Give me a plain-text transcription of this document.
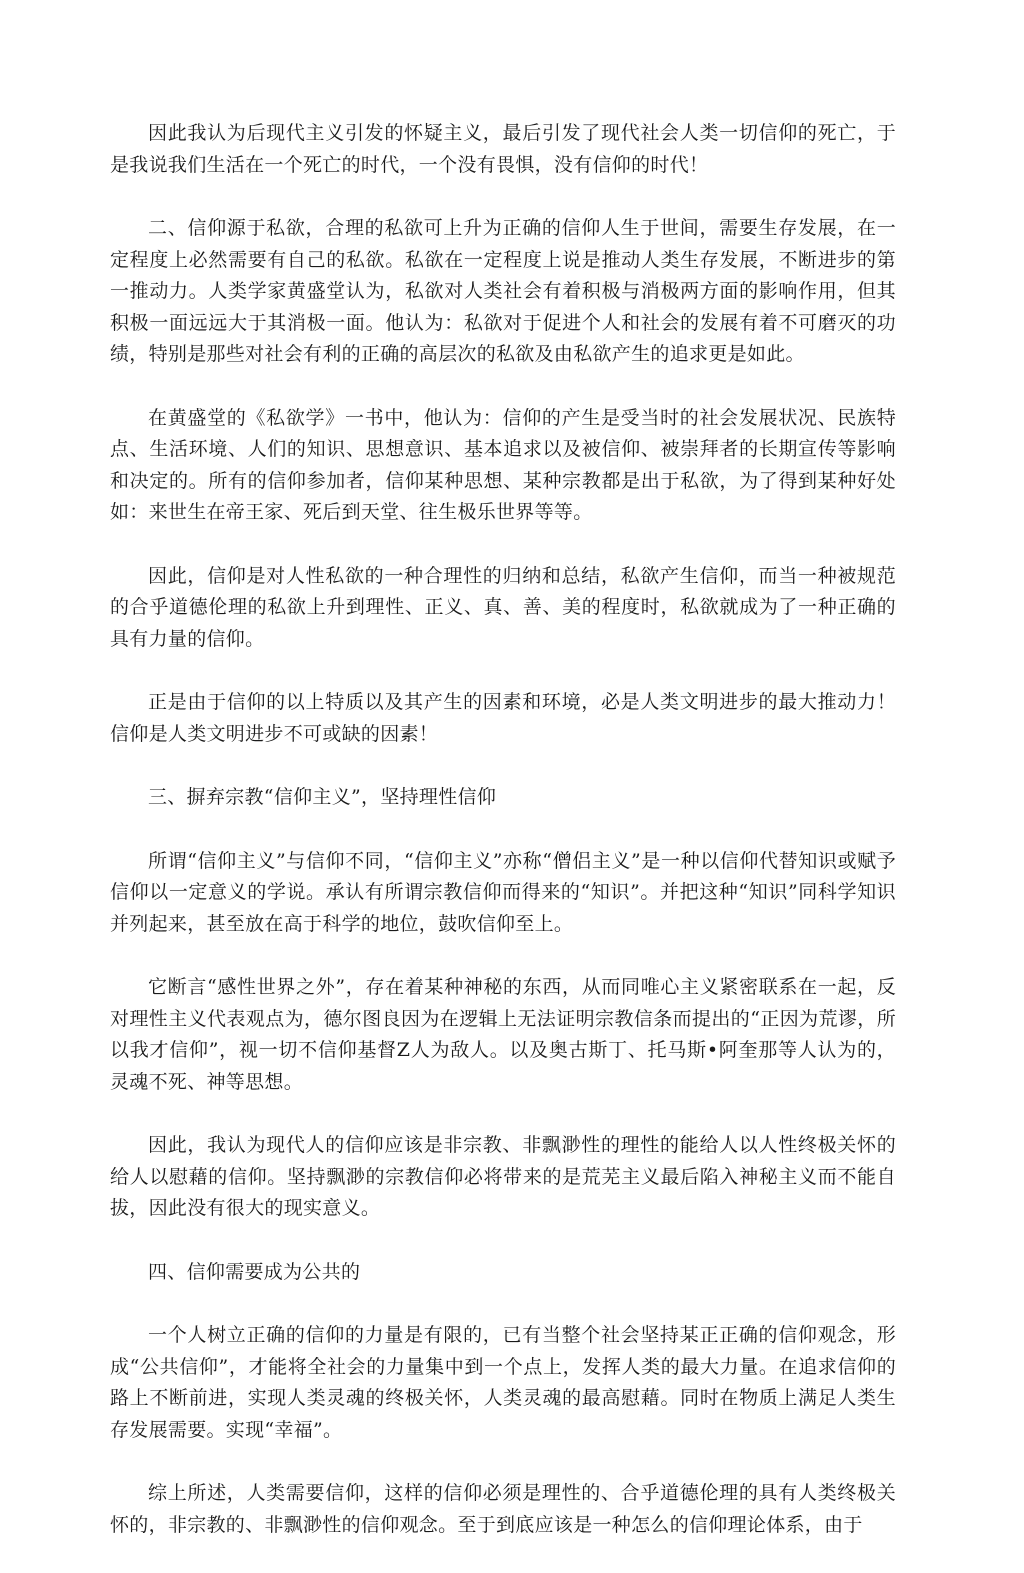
因此我认为后现代主义引发的怀疑主义，最后引发了现代社会人类一切信仰的死亡，于是我说我们生活在一个死亡的时代，一个没有畏惧，没有信仰的时代！

二、信仰源于私欲，合理的私欲可上升为正确的信仰人生于世间，需要生存发展，在一定程度上必然需要有自己的私欲。私欲在一定程度上说是推动人类生存发展，不断进步的第一推动力。人类学家黄盛堂认为，私欲对人类社会有着积极与消极两方面的影响作用，但其积极一面远远大于其消极一面。他认为：私欲对于促进个人和社会的发展有着不可磨灭的功绩，特别是那些对社会有利的正确的高层次的私欲及由私欲产生的追求更是如此。

在黄盛堂的《私欲学》一书中，他认为：信仰的产生是受当时的社会发展状况、民族特点、生活环境、人们的知识、思想意识、基本追求以及被信仰、被崇拜者的长期宣传等影响和决定的。所有的信仰参加者，信仰某种思想、某种宗教都是出于私欲，为了得到某种好处如：来世生在帝王家、死后到天堂、往生极乐世界等等。

因此，信仰是对人性私欲的一种合理性的归纳和总结，私欲产生信仰，而当一种被规范的合乎道德伦理的私欲上升到理性、正义、真、善、美的程度时，私欲就成为了一种正确的具有力量的信仰。

正是由于信仰的以上特质以及其产生的因素和环境，必是人类文明进步的最大推动力！信仰是人类文明进步不可或缺的因素！

三、摒弃宗教“信仰主义”，坚持理性信仰

所谓“信仰主义”与信仰不同，“信仰主义”亦称“僧侣主义”是一种以信仰代替知识或赋予信仰以一定意义的学说。承认有所谓宗教信仰而得来的“知识”。并把这种“知识”同科学知识并列起来，甚至放在高于科学的地位，鼓吹信仰至上。

它断言“感性世界之外”，存在着某种神秘的东西，从而同唯心主义紧密联系在一起，反对理性主义代表观点为，德尔图良因为在逻辑上无法证明宗教信条而提出的“正因为荒谬，所以我才信仰”，视一切不信仰基督Z人为敌人。以及奥古斯丁、托马斯•阿奎那等人认为的，灵魂不死、神等思想。

因此，我认为现代人的信仰应该是非宗教、非飘渺性的理性的能给人以人性终极关怀的给人以慰藉的信仰。坚持飘渺的宗教信仰必将带来的是荒芜主义最后陷入神秘主义而不能自拔，因此没有很大的现实意义。

四、信仰需要成为公共的

一个人树立正确的信仰的力量是有限的，已有当整个社会坚持某正正确的信仰观念，形成“公共信仰”，才能将全社会的力量集中到一个点上，发挥人类的最大力量。在追求信仰的路上不断前进，实现人类灵魂的终极关怀，人类灵魂的最高慰藉。同时在物质上满足人类生存发展需要。实现“幸福”。

综上所述，人类需要信仰，这样的信仰必须是理性的、合乎道德伦理的具有人类终极关怀的，非宗教的、非飘渺性的信仰观念。至于到底应该是一种怎么的信仰理论体系，由于
